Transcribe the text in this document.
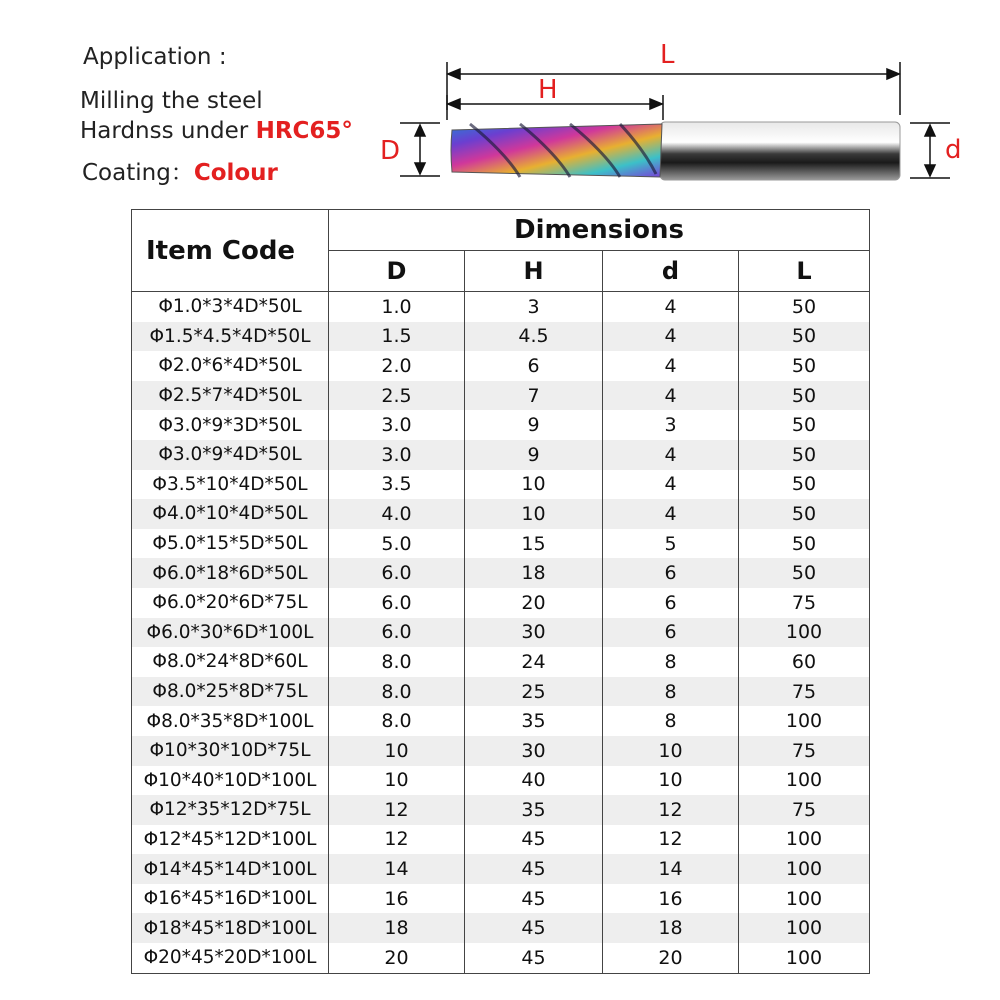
Application :
Milling the steel
Hardnss under HRC65°
Coating：Colour
L
H
D	d
Item Code	Dimensions			
	D	H	d	L
Φ1.0*3*4D*50L	1.0	3	4	50
Φ1.5*4.5*4D*50L	1.5	4.5	4	50
Φ2.0*6*4D*50L	2.0	6	4	50
Φ2.5*7*4D*50L	2.5	7	4	50
Φ3.0*9*3D*50L	3.0	9	3	50
Φ3.0*9*4D*50L	3.0	9	4	50
Φ3.5*10*4D*50L	3.5	10	4	50
Φ4.0*10*4D*50L	4.0	10	4	50
Φ5.0*15*5D*50L	5.0	15	5	50
Φ6.0*18*6D*50L	6.0	18	6	50
Φ6.0*20*6D*75L	6.0	20	6	75
Φ6.0*30*6D*100L	6.0	30	6	100
Φ8.0*24*8D*60L	8.0	24	8	60
Φ8.0*25*8D*75L	8.0	25	8	75
Φ8.0*35*8D*100L	8.0	35	8	100
Φ10*30*10D*75L	10	30	10	75
Φ10*40*10D*100L	10	40	10	100
Φ12*35*12D*75L	12	35	12	75
Φ12*45*12D*100L	12	45	12	100
Φ14*45*14D*100L	14	45	14	100
Φ16*45*16D*100L	16	45	16	100
Φ18*45*18D*100L	18	45	18	100
Φ20*45*20D*100L	20	45	20	100
